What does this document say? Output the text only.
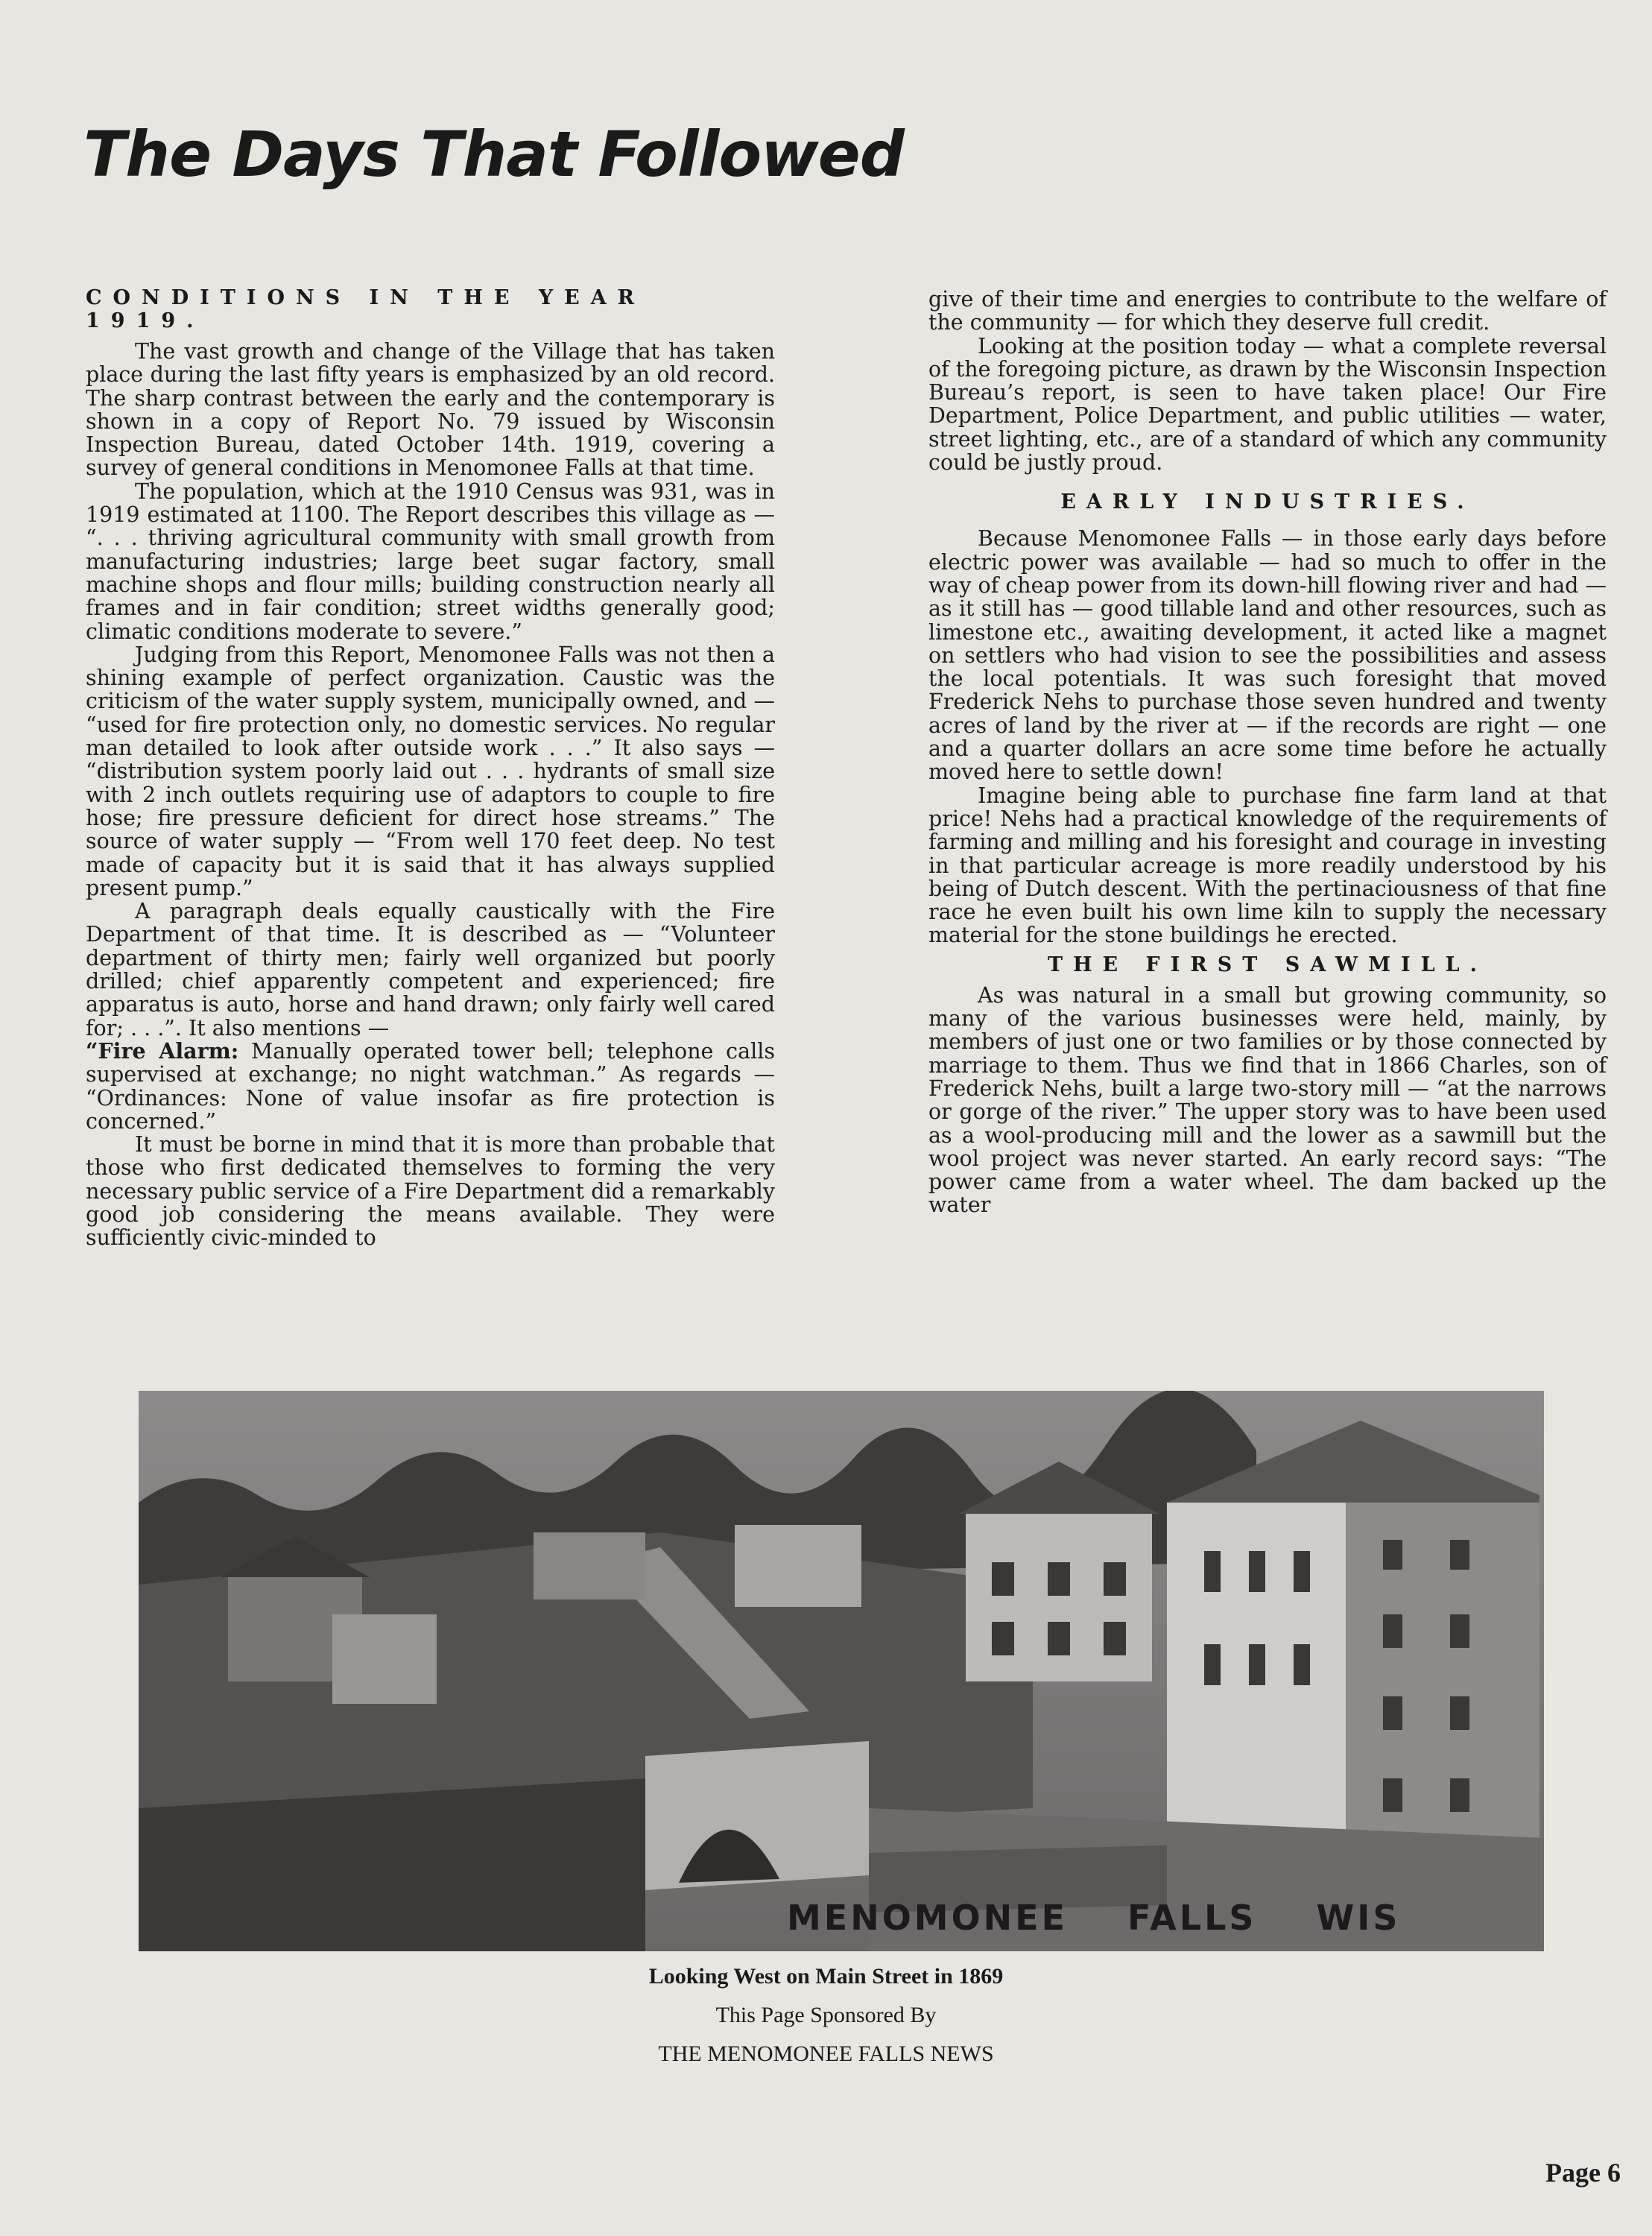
The Days That Followed
CONDITIONS IN THE YEAR 1919.

The vast growth and change of the Village that has taken place during the last fifty years is emphasized by an old record. The sharp contrast between the early and the contemporary is shown in a copy of Report No. 79 issued by Wisconsin Inspection Bureau, dated October 14th. 1919, covering a survey of general conditions in Menomonee Falls at that time.

The population, which at the 1910 Census was 931, was in 1919 estimated at 1100. The Report describes this village as — “. . . thriving agricultural community with small growth from manufacturing industries; large beet sugar factory, small machine shops and flour mills; building construction nearly all frames and in fair condition; street widths generally good; climatic conditions moderate to severe.”

Judging from this Report, Menomonee Falls was not then a shining example of perfect organization. Caustic was the criticism of the water supply system, municipally owned, and — “used for fire protection only, no domestic services. No regular man detailed to look after outside work . . .” It also says — “distribution system poorly laid out . . . hydrants of small size with 2 inch outlets requiring use of adaptors to couple to fire hose; fire pressure deficient for direct hose streams.” The source of water supply — “From well 170 feet deep. No test made of capacity but it is said that it has always supplied present pump.”

A paragraph deals equally caustically with the Fire Department of that time. It is described as — “Volunteer department of thirty men; fairly well organized but poorly drilled; chief apparently competent and experienced; fire apparatus is auto, horse and hand drawn; only fairly well cared for; . . .”. It also mentions —

“Fire Alarm: Manually operated tower bell; telephone calls supervised at exchange; no night watchman.” As regards — “Ordinances: None of value insofar as fire protection is concerned.”

It must be borne in mind that it is more than probable that those who first dedicated themselves to forming the very necessary public service of a Fire Department did a remarkably good job considering the means available. They were sufficiently civic-minded to

give of their time and energies to contribute to the welfare of the community — for which they deserve full credit.

Looking at the position today — what a complete reversal of the foregoing picture, as drawn by the Wisconsin Inspection Bureau’s report, is seen to have taken place! Our Fire Department, Police Department, and public utilities — water, street lighting, etc., are of a standard of which any community could be justly proud.

EARLY INDUSTRIES.

Because Menomonee Falls — in those early days before electric power was available — had so much to offer in the way of cheap power from its down-hill flowing river and had — as it still has — good tillable land and other resources, such as limestone etc., awaiting development, it acted like a magnet on settlers who had vision to see the possibilities and assess the local potentials. It was such foresight that moved Frederick Nehs to purchase those seven hundred and twenty acres of land by the river at — if the records are right — one and a quarter dollars an acre some time before he actually moved here to settle down!

Imagine being able to purchase fine farm land at that price! Nehs had a practical knowledge of the requirements of farming and milling and his foresight and courage in investing in that particular acreage is more readily understood by his being of Dutch descent. With the pertinaciousness of that fine race he even built his own lime kiln to supply the necessary material for the stone buildings he erected.

THE FIRST SAWMILL.

As was natural in a small but growing community, so many of the various businesses were held, mainly, by members of just one or two families or by those connected by marriage to them. Thus we find that in 1866 Charles, son of Frederick Nehs, built a large two-story mill — “at the narrows or gorge of the river.” The upper story was to have been used as a wool-producing mill and the lower as a sawmill but the wool project was never started. An early record says: “The power came from a water wheel. The dam backed up the water

MENOMONEE FALLS WIS
Looking West on Main Street in 1869
This Page Sponsored By
THE MENOMONEE FALLS NEWS
Page 6
